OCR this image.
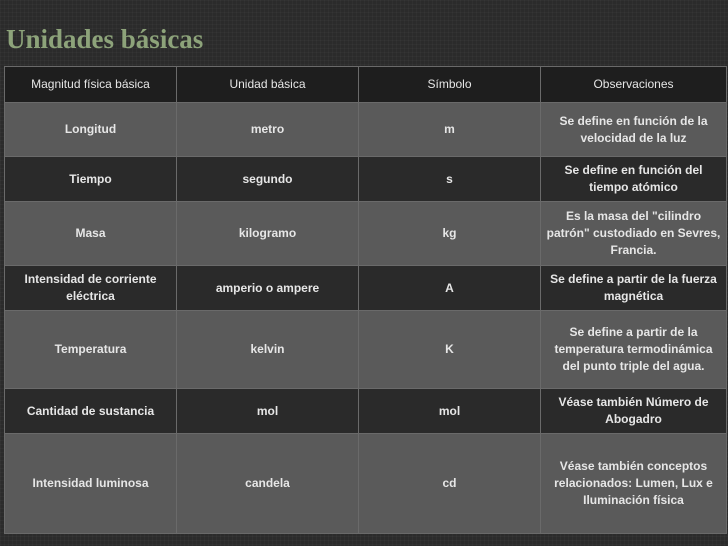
Unidades básicas
Magnitud física básica	Unidad básica	Símbolo	Observaciones
Longitud	metro	m	Se define en función de la velocidad de la luz
Tiempo	segundo	s	Se define en función del tiempo atómico
Masa	kilogramo	kg	Es la masa del "cilindro patrón" custodiado en Sevres, Francia.
Intensidad de corriente eléctrica	amperio o ampere	A	Se define a partir de la fuerza magnética
Temperatura	kelvin	K	Se define a partir de la temperatura termodinámica del punto triple del agua.
Cantidad de sustancia	mol	mol	Véase también Número de Abogadro
Intensidad luminosa	candela	cd	Véase también conceptos relacionados: Lumen, Lux e Iluminación física
